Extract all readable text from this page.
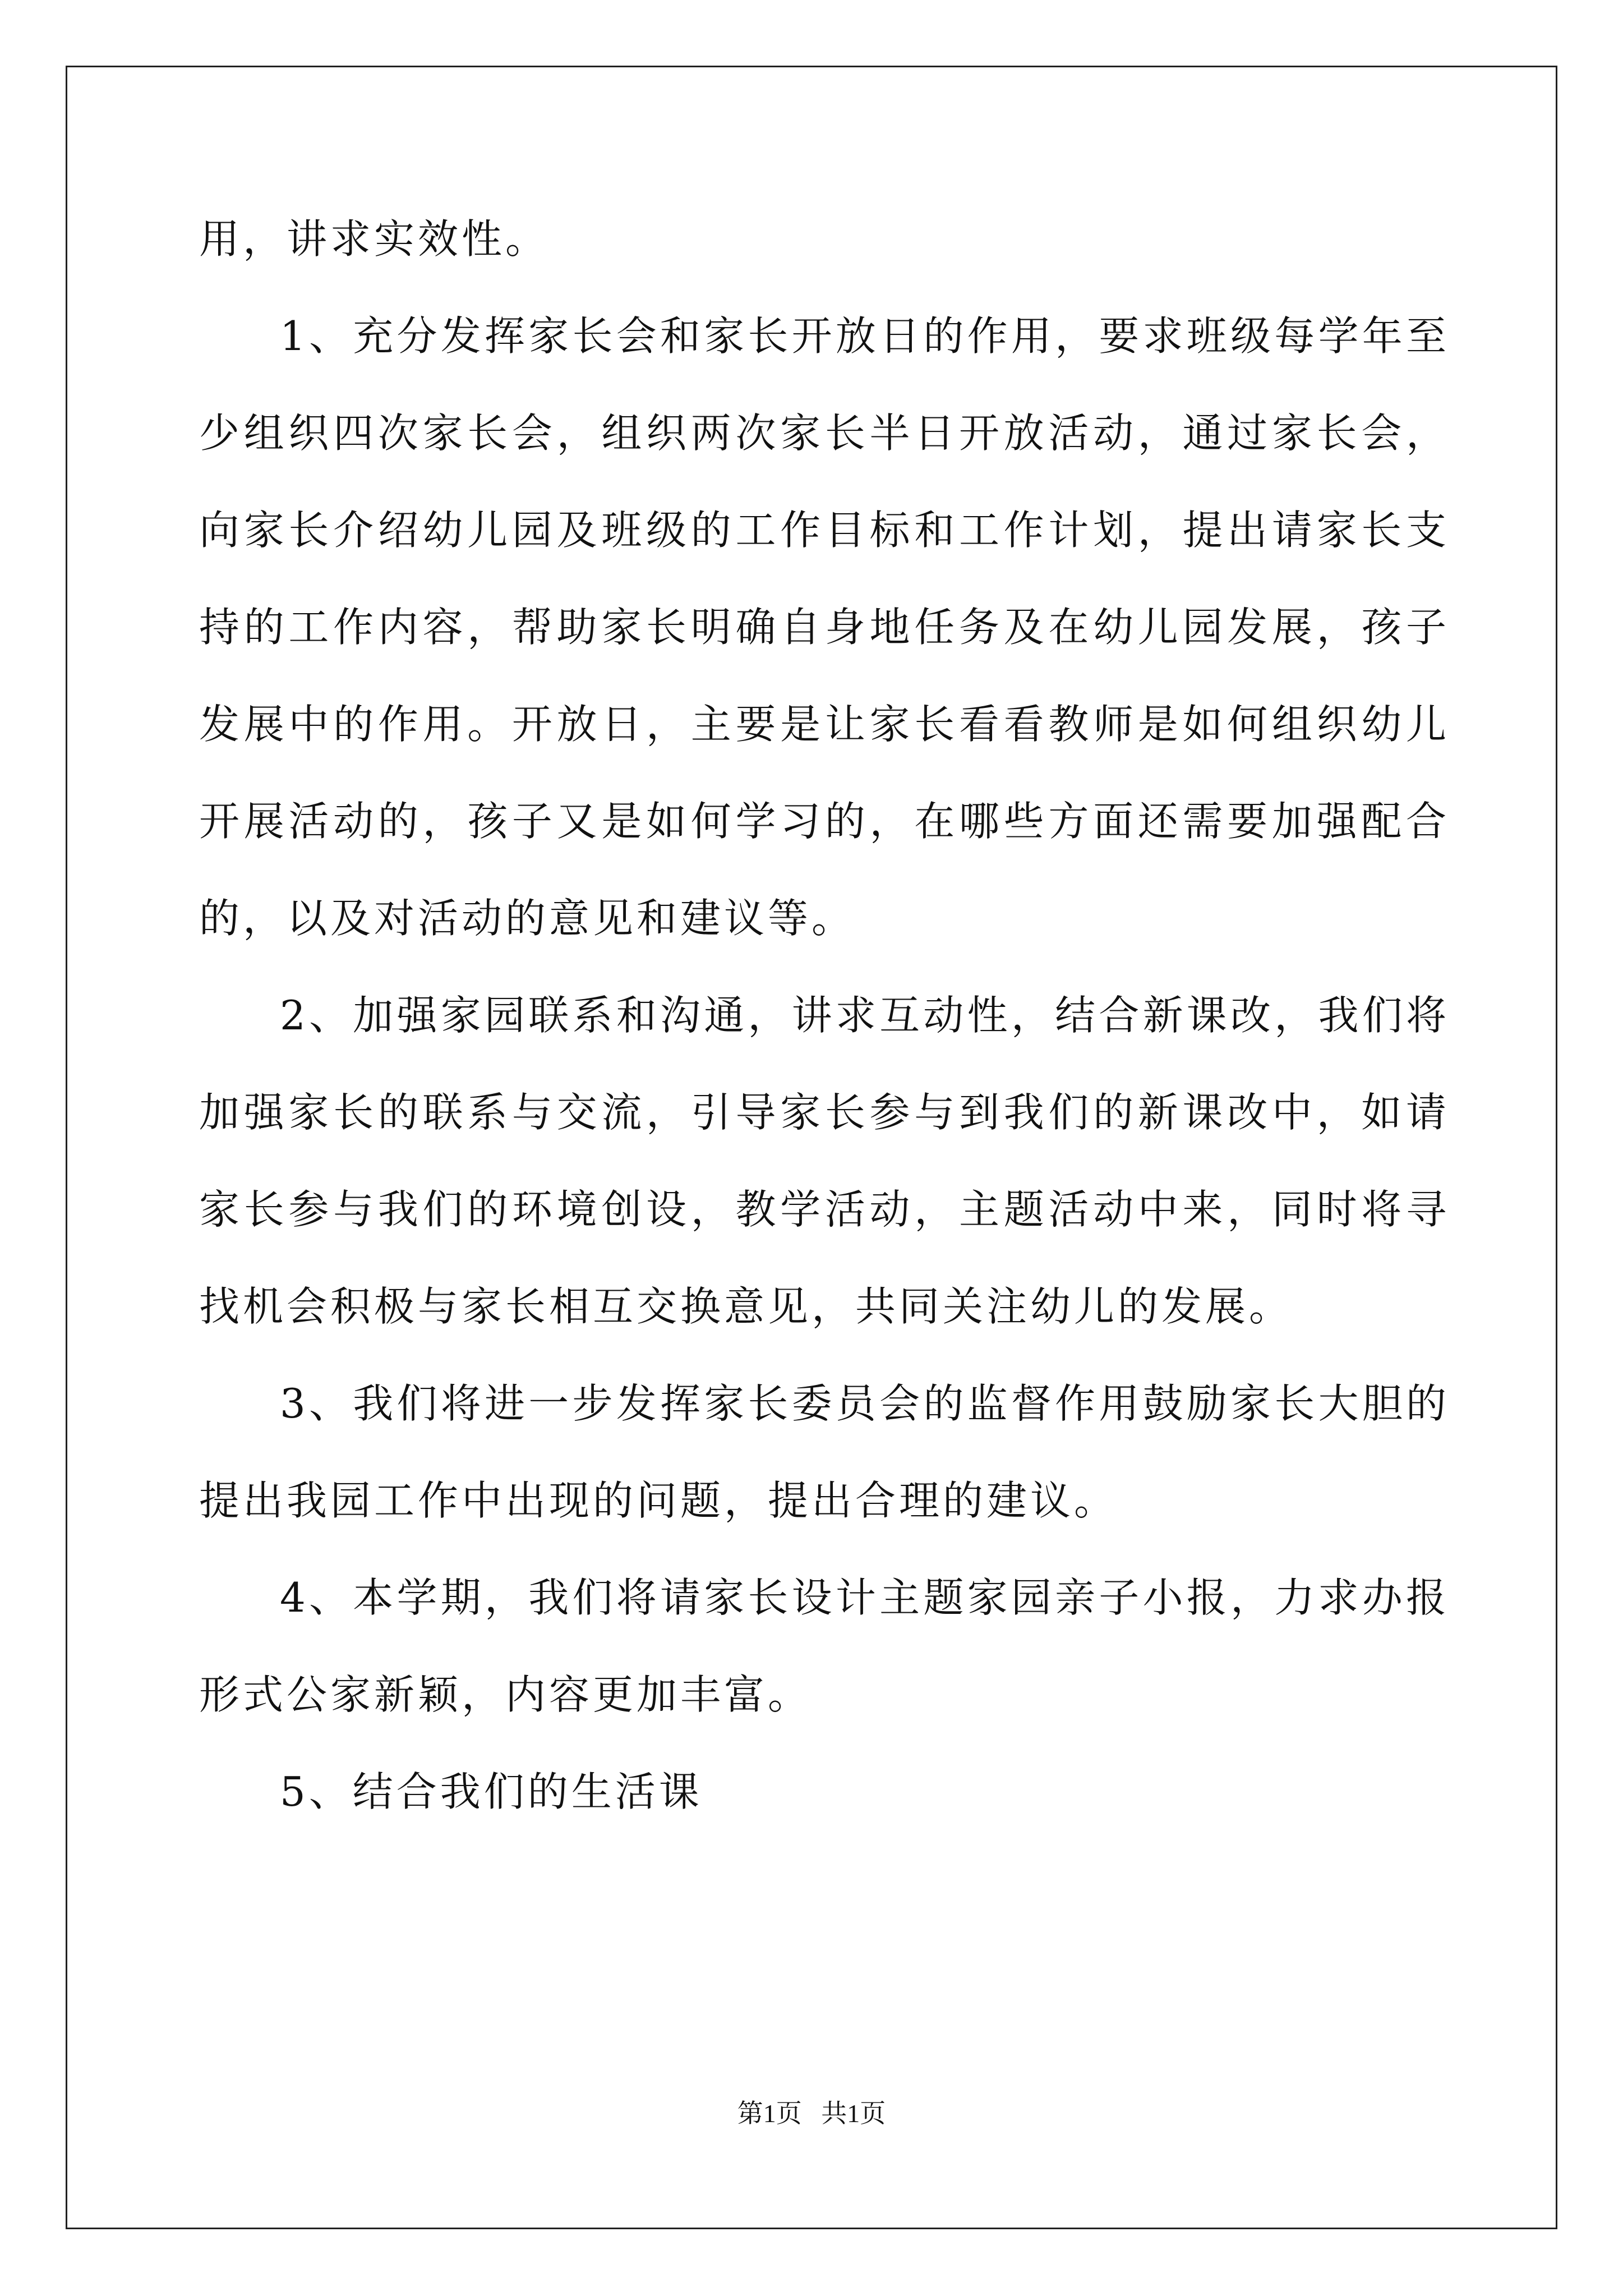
用，讲求实效性。

1、充分发挥家长会和家长开放日的作用，要求班级每学年至少组织四次家长会，组织两次家长半日开放活动，通过家长会，向家长介绍幼儿园及班级的工作目标和工作计划，提出请家长支持的工作内容，帮助家长明确自身地任务及在幼儿园发展，孩子发展中的作用。开放日，主要是让家长看看教师是如何组织幼儿开展活动的，孩子又是如何学习的，在哪些方面还需要加强配合的，以及对活动的意见和建议等。

2、加强家园联系和沟通，讲求互动性，结合新课改，我们将加强家长的联系与交流，引导家长参与到我们的新课改中，如请家长参与我们的环境创设，教学活动，主题活动中来，同时将寻找机会积极与家长相互交换意见，共同关注幼儿的发展。

3、我们将进一步发挥家长委员会的监督作用鼓励家长大胆的提出我园工作中出现的问题，提出合理的建议。

4、本学期，我们将请家长设计主题家园亲子小报，力求办报形式公家新颖，内容更加丰富。

5、结合我们的生活课

第1页 共1页
